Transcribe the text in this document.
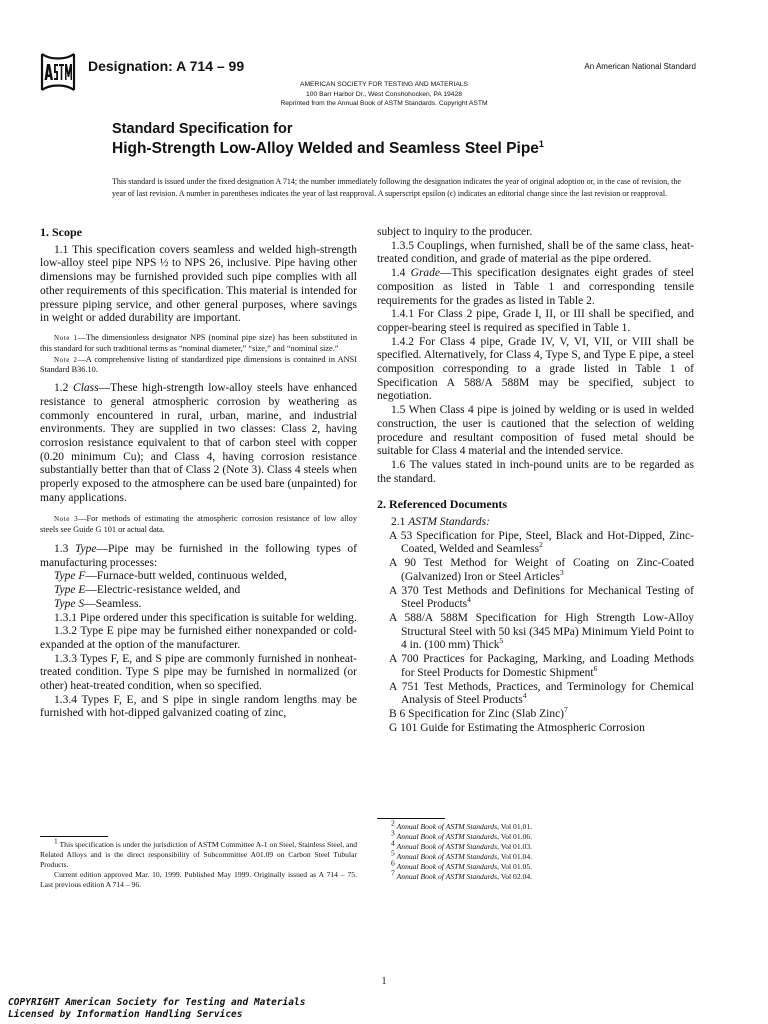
Designation: A 714 – 99	An American National Standard
AMERICAN SOCIETY FOR TESTING AND MATERIALS
100 Barr Harbor Dr., West Conshohocken, PA 19428
Reprinted from the Annual Book of ASTM Standards. Copyright ASTM
Standard Specification for
High-Strength Low-Alloy Welded and Seamless Steel Pipe$^1$
This standard is issued under the fixed designation A 714; the number immediately following the designation indicates the year of original adoption or, in the case of revision, the year of last revision. A number in parentheses indicates the year of last reapproval. A superscript epsilon (ϵ) indicates an editorial change since the last revision or reapproval.
1. Scope

1.1 This specification covers seamless and welded high-strength low-alloy steel pipe NPS ½ to NPS 26, inclusive. Pipe having other dimensions may be furnished provided such pipe complies with all other requirements of this specification. This material is intended for pressure piping service, and other general purposes, where savings in weight or added durability are important.

Note 1—The dimensionless designator NPS (nominal pipe size) has been substituted in this standard for such traditional terms as “nominal diameter,” “size,” and “nominal size.”

Note 2—A comprehensive listing of standardized pipe dimensions is contained in ANSI Standard B36.10.

1.2 Class—These high-strength low-alloy steels have enhanced resistance to general atmospheric corrosion by weathering as commonly encountered in rural, urban, marine, and industrial environments. They are supplied in two classes: Class 2, having corrosion resistance equivalent to that of carbon steel with copper (0.20 minimum Cu); and Class 4, having corrosion resistance substantially better than that of Class 2 (Note 3). Class 4 steels when properly exposed to the atmosphere can be used bare (unpainted) for many applications.

Note 3—For methods of estimating the atmospheric corrosion resistance of low alloy steels see Guide G 101 or actual data.

1.3 Type—Pipe may be furnished in the following types of manufacturing processes:

Type F—Furnace-butt welded, continuous welded,

Type E—Electric-resistance welded, and

Type S—Seamless.

1.3.1 Pipe ordered under this specification is suitable for welding.

1.3.2 Type E pipe may be furnished either nonexpanded or cold-expanded at the option of the manufacturer.

1.3.3 Types F, E, and S pipe are commonly furnished in nonheat-treated condition. Type S pipe may be furnished in normalized (or other) heat-treated condition, when so specified.

1.3.4 Types F, E, and S pipe in single random lengths may be furnished with hot-dipped galvanized coating of zinc,

$^1$ This specification is under the jurisdiction of ASTM Committee A-1 on Steel, Stainless Steel, and Related Alloys and is the direct responsibility of Subcommittee A01.09 on Carbon Steel Tubular Products.

Current edition approved Mar. 10, 1999. Published May 1999. Originally issued as A 714 – 75. Last previous edition A 714 – 96.

subject to inquiry to the producer.

1.3.5 Couplings, when furnished, shall be of the same class, heat-treated condition, and grade of material as the pipe ordered.

1.4 Grade—This specification designates eight grades of steel composition as listed in Table 1 and corresponding tensile requirements for the grades as listed in Table 2.

1.4.1 For Class 2 pipe, Grade I, II, or III shall be specified, and copper-bearing steel is required as specified in Table 1.

1.4.2 For Class 4 pipe, Grade IV, V, VI, VII, or VIII shall be specified. Alternatively, for Class 4, Type S, and Type E pipe, a steel composition corresponding to a grade listed in Table 1 of Specification A 588/A 588M may be specified, subject to negotiation.

1.5 When Class 4 pipe is joined by welding or is used in welded construction, the user is cautioned that the selection of welding procedure and resultant composition of fused metal should be suitable for Class 4 material and the intended service.

1.6 The values stated in inch-pound units are to be regarded as the standard.

2. Referenced Documents

2.1 ASTM Standards:

A 53 Specification for Pipe, Steel, Black and Hot-Dipped, Zinc-Coated, Welded and Seamless$^2$

A 90 Test Method for Weight of Coating on Zinc-Coated (Galvanized) Iron or Steel Articles$^3$

A 370 Test Methods and Definitions for Mechanical Testing of Steel Products$^4$

A 588/A 588M Specification for High Strength Low-Alloy Structural Steel with 50 ksi (345 MPa) Minimum Yield Point to 4 in. (100 mm) Thick$^5$

A 700 Practices for Packaging, Marking, and Loading Methods for Steel Products for Domestic Shipment$^6$

A 751 Test Methods, Practices, and Terminology for Chemical Analysis of Steel Products$^4$

B 6 Specification for Zinc (Slab Zinc)$^7$

G 101 Guide for Estimating the Atmospheric Corrosion

$^2$ Annual Book of ASTM Standards, Vol 01.01.
$^3$ Annual Book of ASTM Standards, Vol 01.06.
$^4$ Annual Book of ASTM Standards, Vol 01.03.
$^5$ Annual Book of ASTM Standards, Vol 01.04.
$^6$ Annual Book of ASTM Standards, Vol 01.05.
$^7$ Annual Book of ASTM Standards, Vol 02.04.
1
COPYRIGHT American Society for Testing and Materials
Licensed by Information Handling Services
